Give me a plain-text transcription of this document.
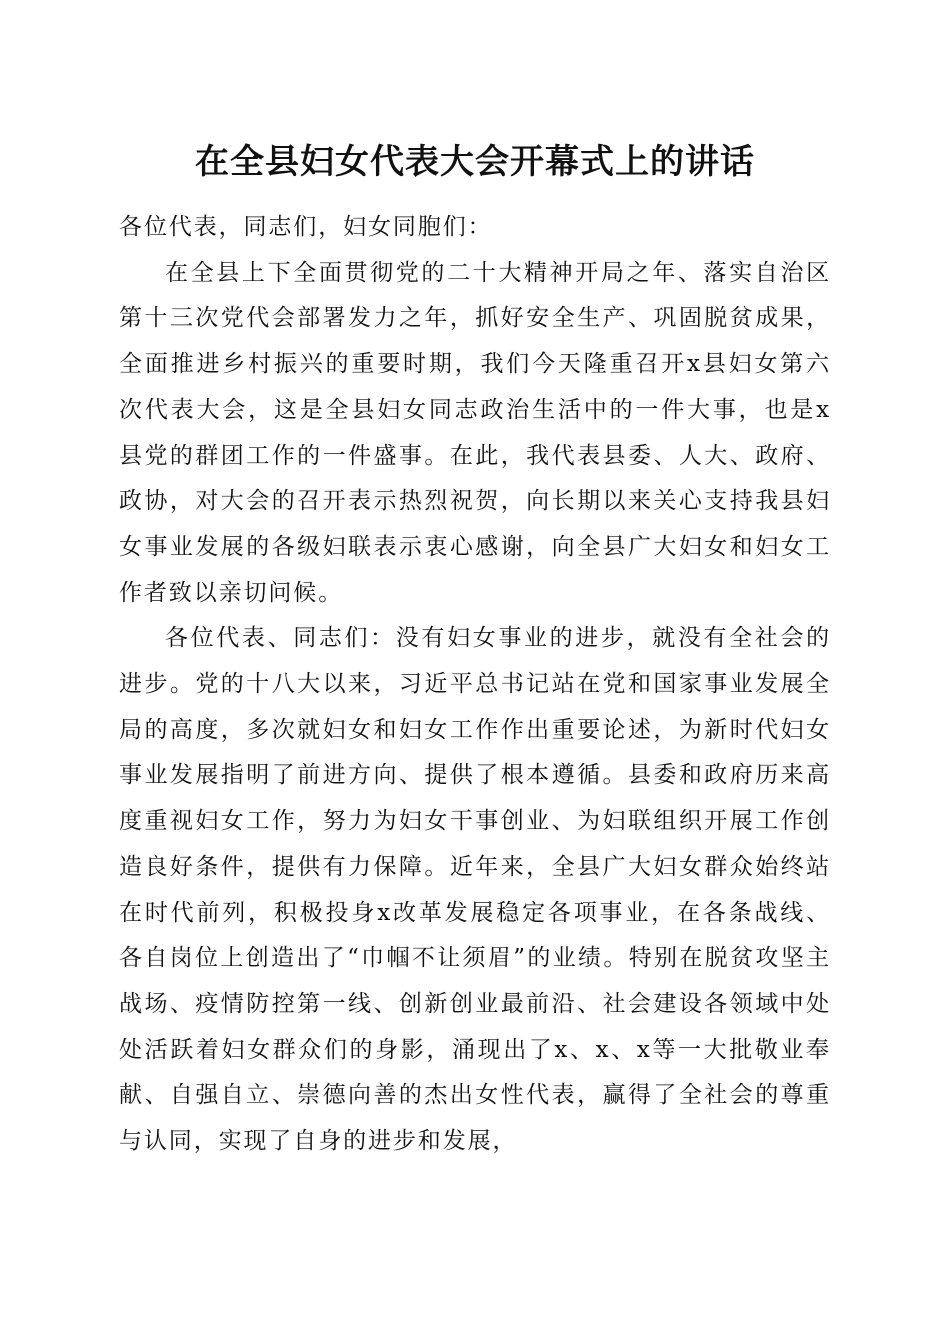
在全县妇女代表大会开幕式上的讲话

各位代表，同志们，妇女同胞们：

在全县上下全面贯彻党的二十大精神开局之年、落实自治区第十三次党代会部署发力之年，抓好安全生产、巩固脱贫成果，全面推进乡村振兴的重要时期，我们今天隆重召开x县妇女第六次代表大会，这是全县妇女同志政治生活中的一件大事，也是x县党的群团工作的一件盛事。在此，我代表县委、人大、政府、政协，对大会的召开表示热烈祝贺，向长期以来关心支持我县妇女事业发展的各级妇联表示衷心感谢，向全县广大妇女和妇女工作者致以亲切问候。

各位代表、同志们：没有妇女事业的进步，就没有全社会的进步。党的十八大以来，习近平总书记站在党和国家事业发展全局的高度，多次就妇女和妇女工作作出重要论述，为新时代妇女事业发展指明了前进方向、提供了根本遵循。县委和政府历来高度重视妇女工作，努力为妇女干事创业、为妇联组织开展工作创造良好条件，提供有力保障。近年来，全县广大妇女群众始终站在时代前列，积极投身x改革发展稳定各项事业，在各条战线、各自岗位上创造出了“巾帼不让须眉”的业绩。特别在脱贫攻坚主战场、疫情防控第一线、创新创业最前沿、社会建设各领域中处处活跃着妇女群众们的身影，涌现出了x、x、x等一大批敬业奉献、自强自立、崇德向善的杰出女性代表，赢得了全社会的尊重与认同，实现了自身的进步和发展，
